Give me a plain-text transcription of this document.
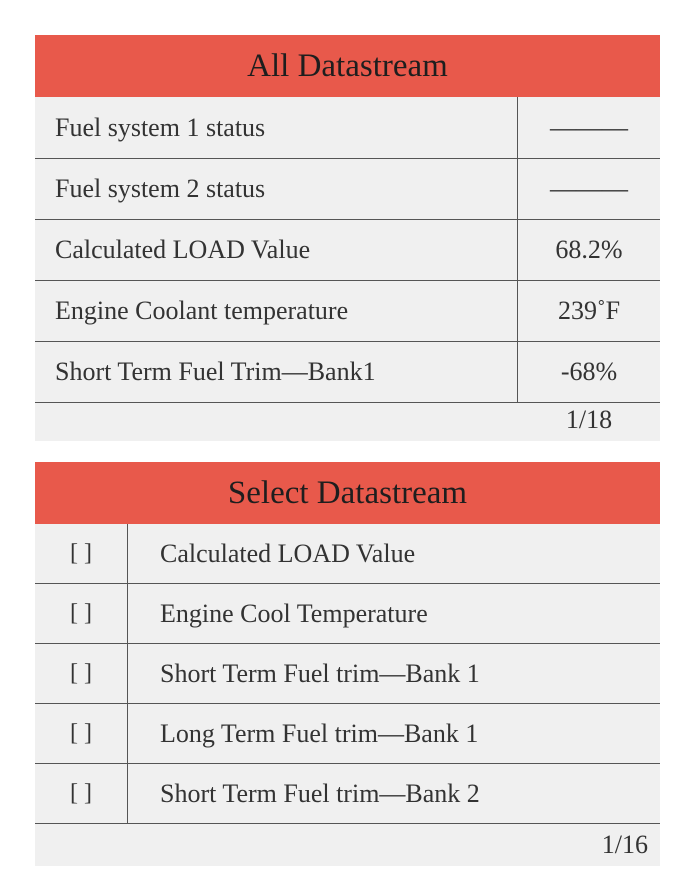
All Datastream
Fuel system 1 status	———
Fuel system 2 status	———
Calculated LOAD Value	68.2%
Engine Coolant temperature	239˚F
Short Term Fuel Trim—Bank1	-68%
1/18
Select Datastream
[ ]	Calculated LOAD Value
[ ]	Engine Cool Temperature
[ ]	Short Term Fuel trim—Bank 1
[ ]	Long Term Fuel trim—Bank 1
[ ]	Short Term Fuel trim—Bank 2
1/16
